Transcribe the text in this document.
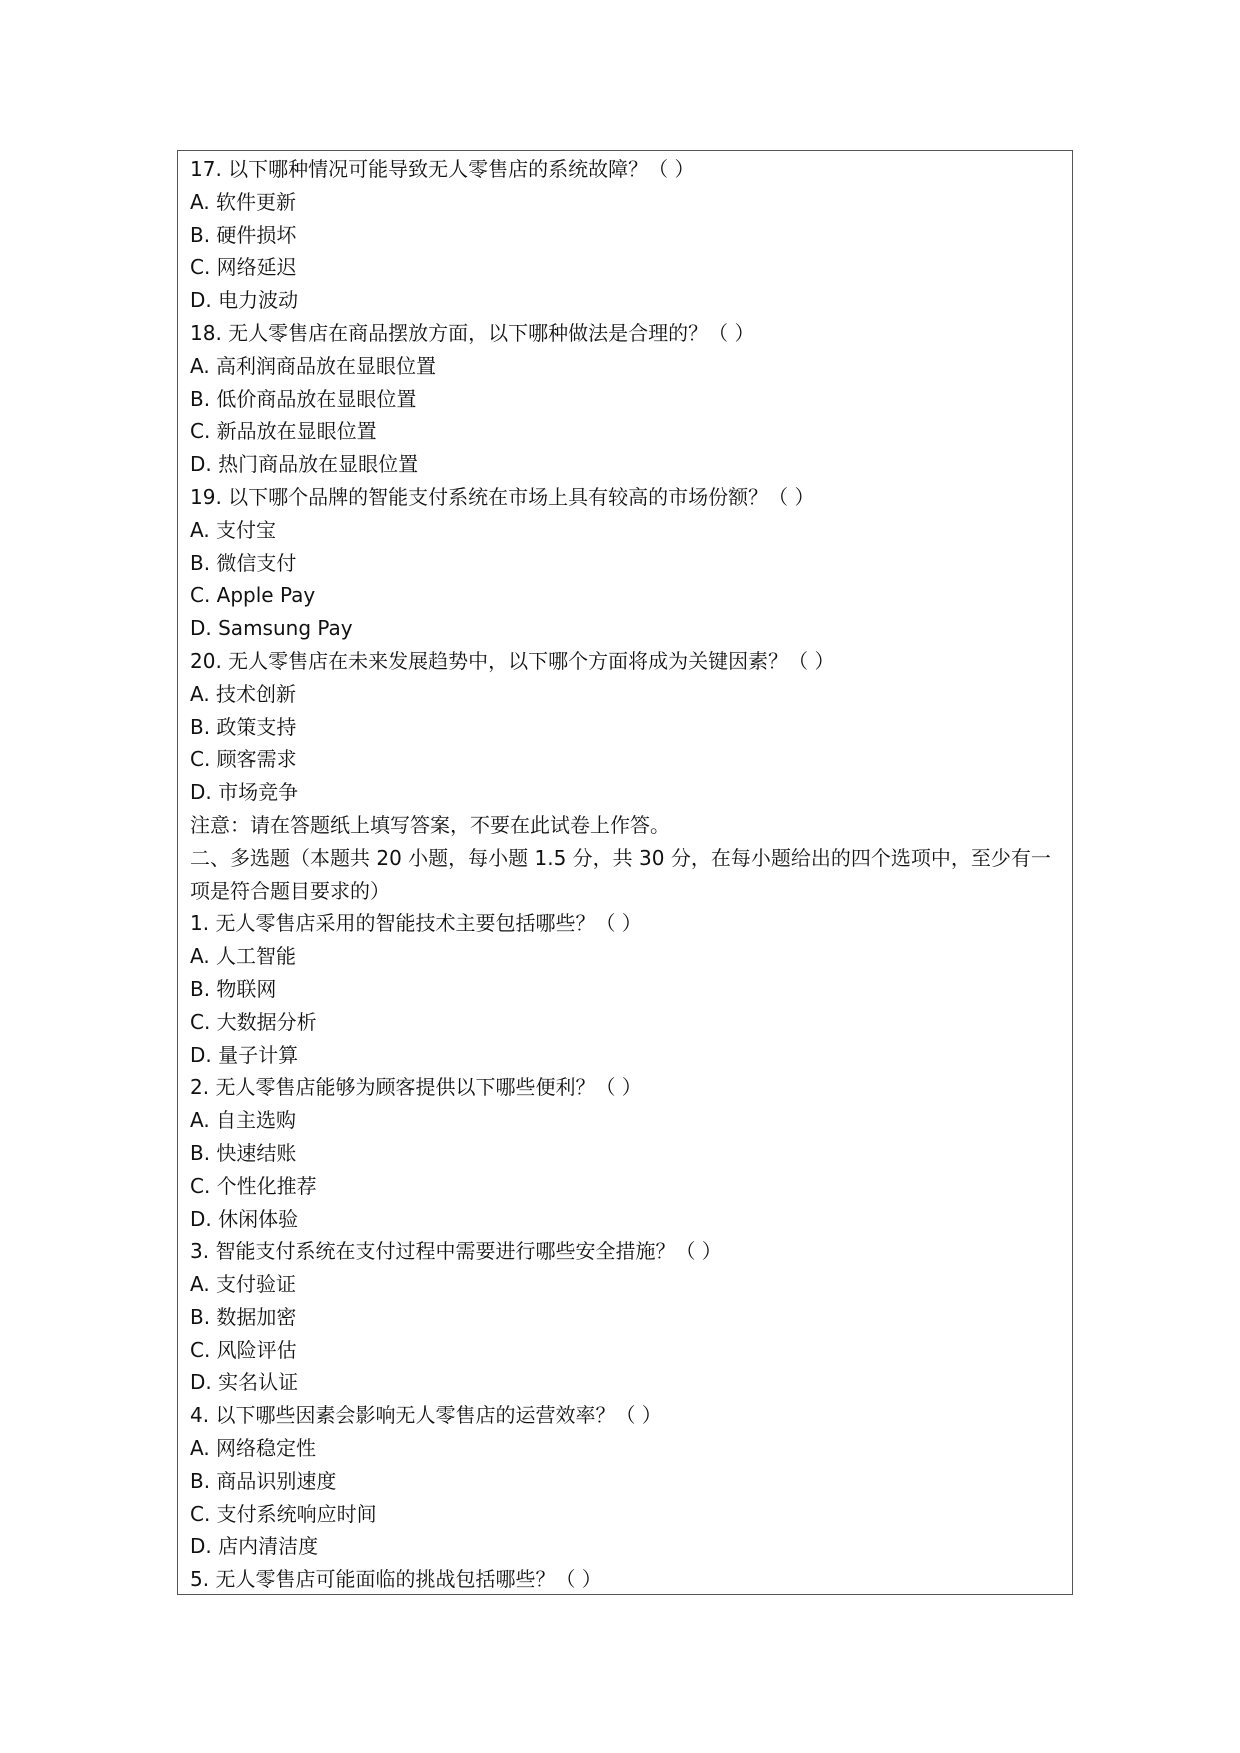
17. 以下哪种情况可能导致无人零售店的系统故障？（ ）
A. 软件更新
B. 硬件损坏
C. 网络延迟
D. 电力波动
18. 无人零售店在商品摆放方面，以下哪种做法是合理的？（ ）
A. 高利润商品放在显眼位置
B. 低价商品放在显眼位置
C. 新品放在显眼位置
D. 热门商品放在显眼位置
19. 以下哪个品牌的智能支付系统在市场上具有较高的市场份额？（ ）
A. 支付宝
B. 微信支付
C. Apple Pay
D. Samsung Pay
20. 无人零售店在未来发展趋势中，以下哪个方面将成为关键因素？（ ）
A. 技术创新
B. 政策支持
C. 顾客需求
D. 市场竞争
注意：请在答题纸上填写答案，不要在此试卷上作答。
二、多选题（本题共 20 小题，每小题 1.5 分，共 30 分，在每小题给出的四个选项中，至少有一项是符合题目要求的）
1. 无人零售店采用的智能技术主要包括哪些？（ ）
A. 人工智能
B. 物联网
C. 大数据分析
D. 量子计算
2. 无人零售店能够为顾客提供以下哪些便利？（ ）
A. 自主选购
B. 快速结账
C. 个性化推荐
D. 休闲体验
3. 智能支付系统在支付过程中需要进行哪些安全措施？（ ）
A. 支付验证
B. 数据加密
C. 风险评估
D. 实名认证
4. 以下哪些因素会影响无人零售店的运营效率？（ ）
A. 网络稳定性
B. 商品识别速度
C. 支付系统响应时间
D. 店内清洁度
5. 无人零售店可能面临的挑战包括哪些？（ ）
